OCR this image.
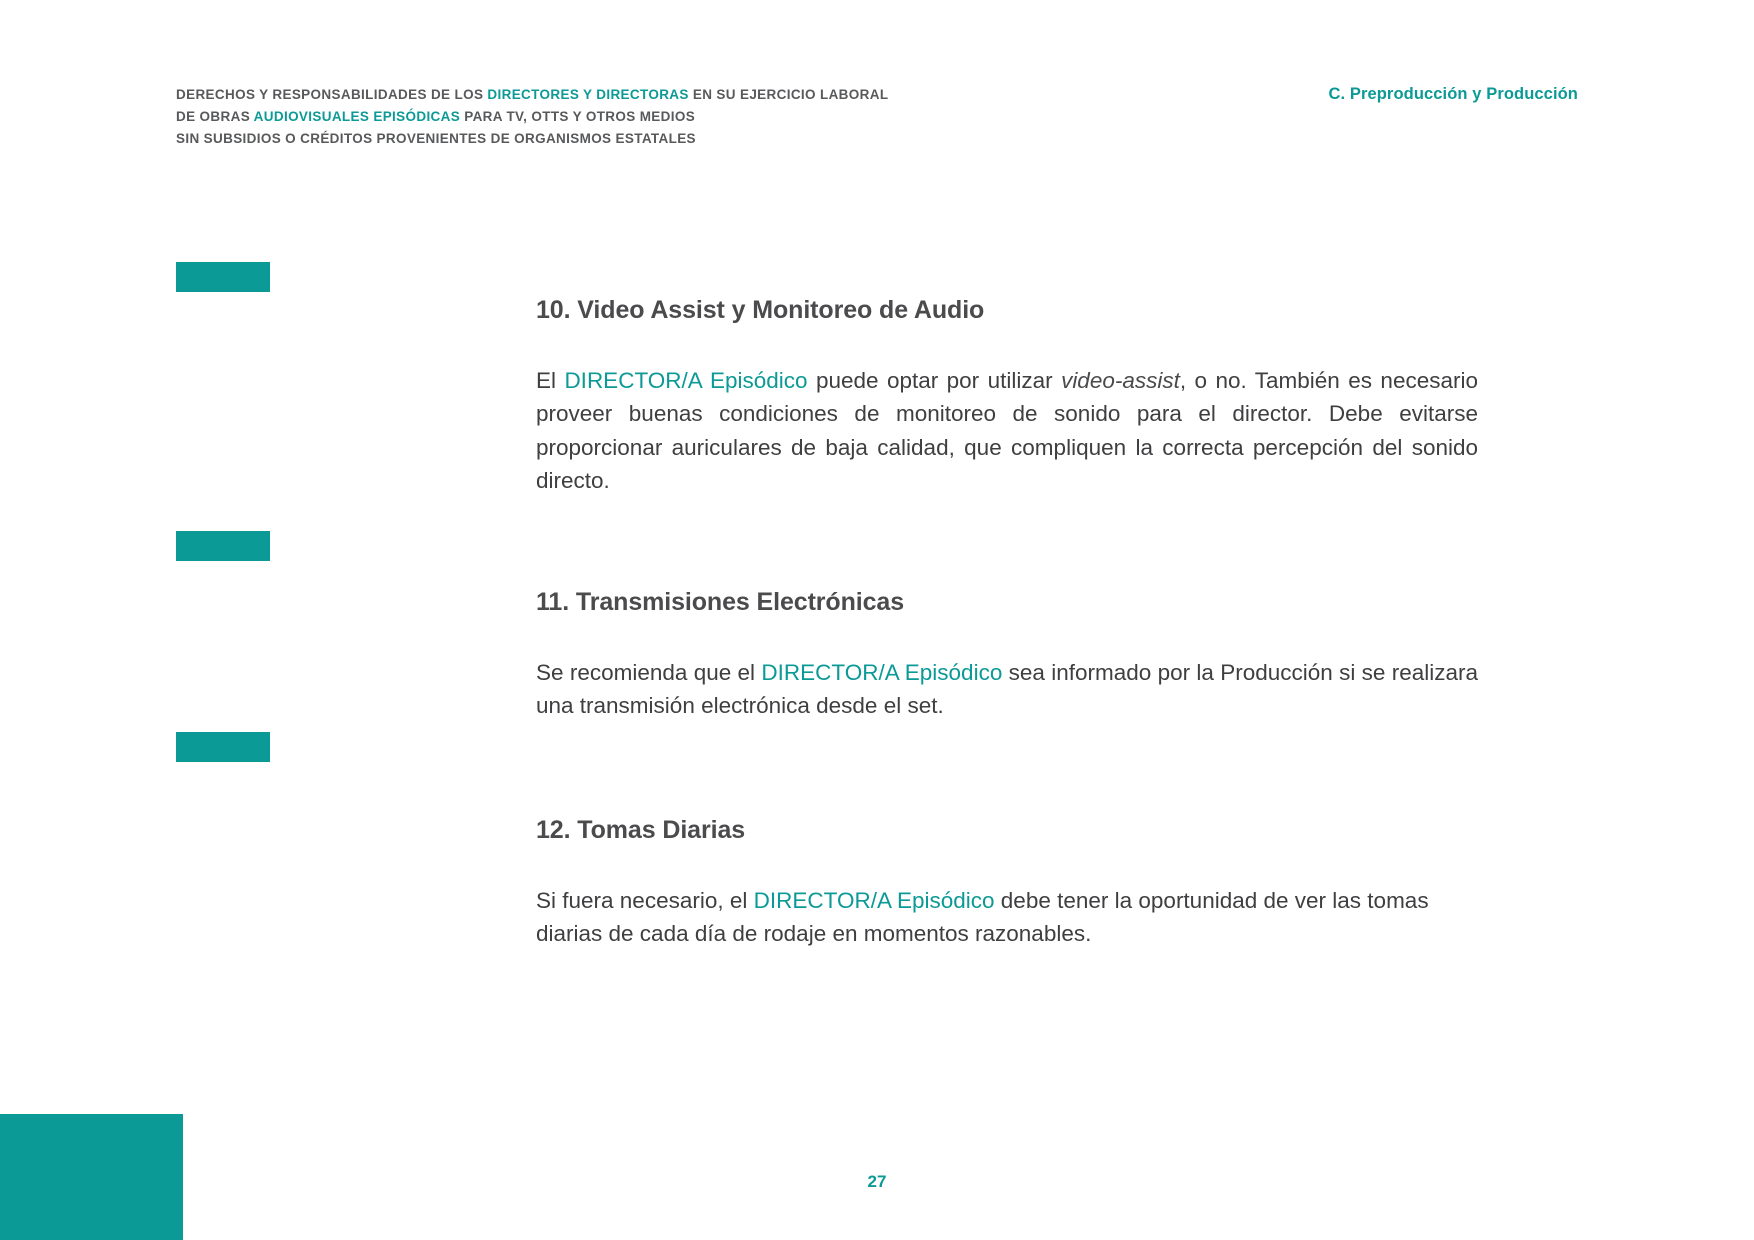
DERECHOS Y RESPONSABILIDADES DE LOS DIRECTORES Y DIRECTORAS EN SU EJERCICIO LABORAL
DE OBRAS AUDIOVISUALES EPISÓDICAS PARA TV, OTTS Y OTROS MEDIOS
SIN SUBSIDIOS O CRÉDITOS PROVENIENTES DE ORGANISMOS ESTATALES
C. Preproducción y Producción
10. Video Assist y Monitoreo de Audio

El DIRECTOR/A Episódico puede optar por utilizar video-assist, o no. También es necesario proveer buenas condiciones de monitoreo de sonido para el director. Debe evitarse proporcionar auriculares de baja calidad, que compliquen la correcta percepción del sonido directo.

11. Transmisiones Electrónicas

Se recomienda que el DIRECTOR/A Episódico sea informado por la Producción si se realizara una transmisión electrónica desde el set.

12. Tomas Diarias

Si fuera necesario, el DIRECTOR/A Episódico debe tener la oportunidad de ver las tomas diarias de cada día de rodaje en momentos razonables.

27
